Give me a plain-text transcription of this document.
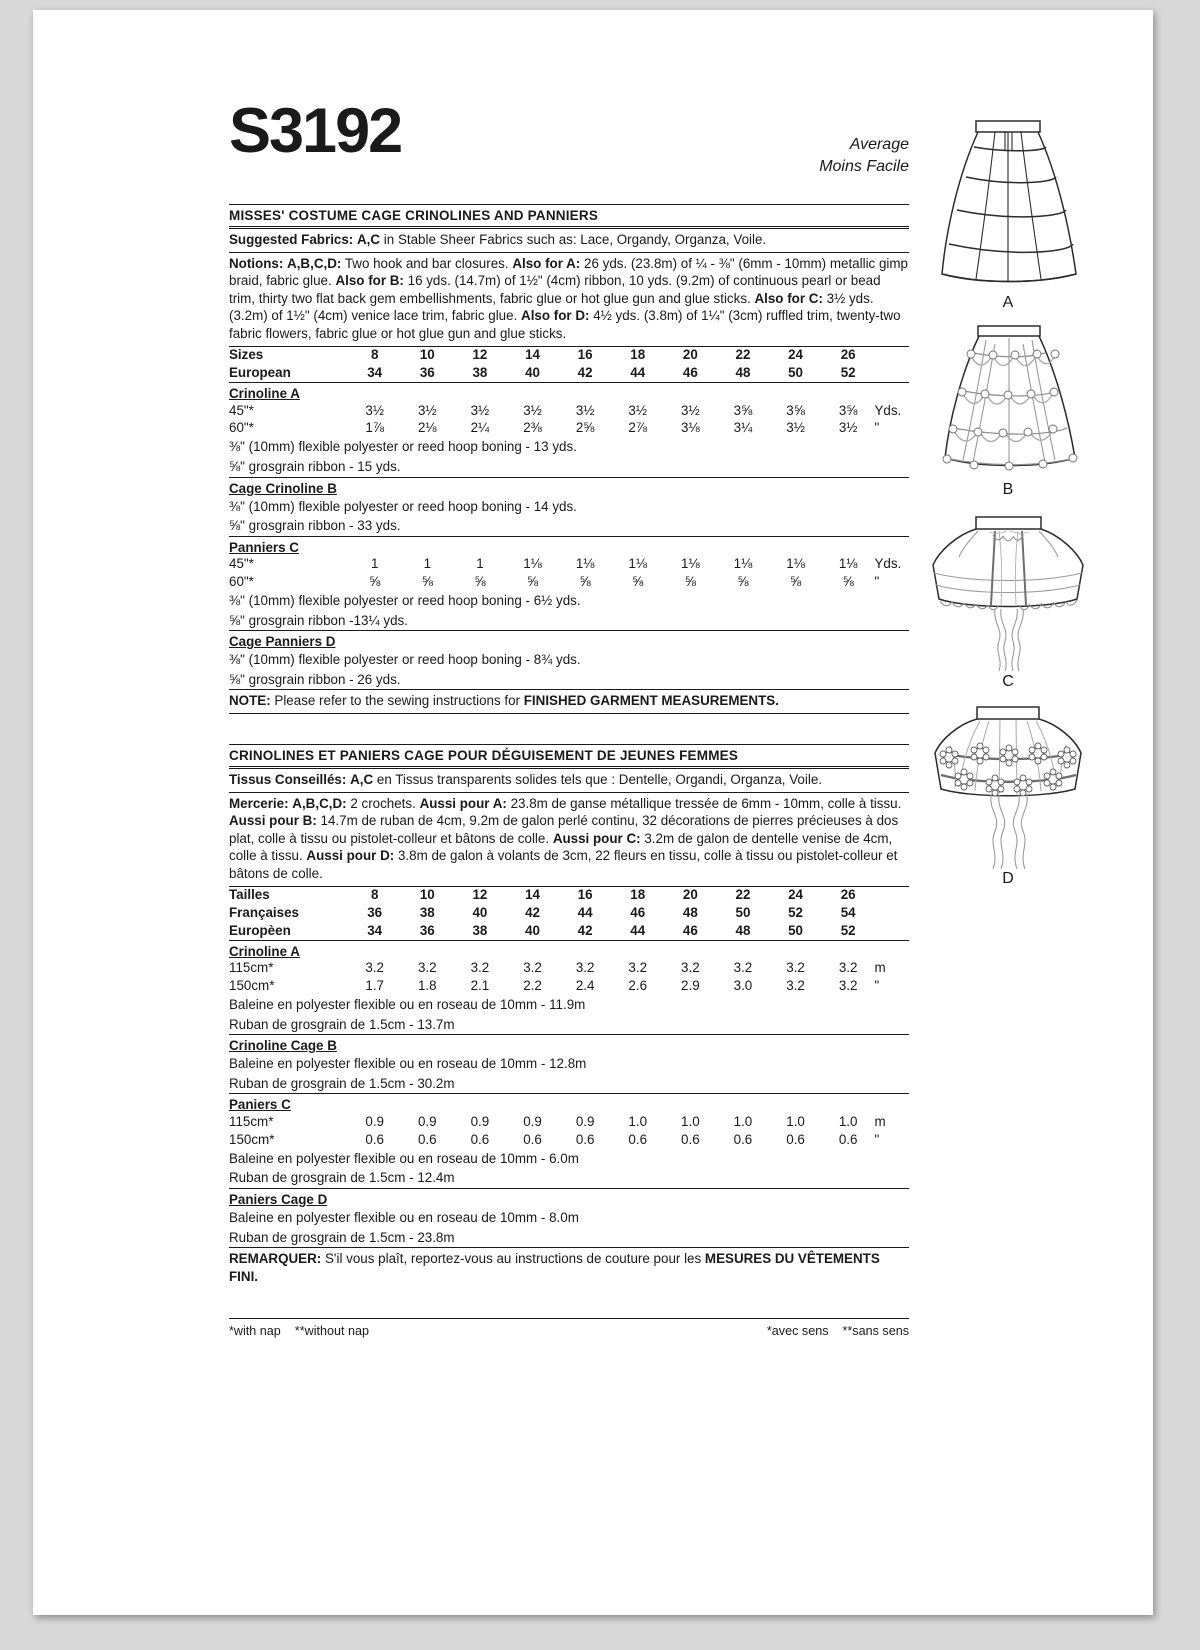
S3192	Average
Moins Facile
MISSES' COSTUME CAGE CRINOLINES AND PANNIERS
Suggested Fabrics: A,C in Stable Sheer Fabrics such as: Lace, Organdy, Organza, Voile.
Notions: A,B,C,D: Two hook and bar closures. Also for A: 26 yds. (23.8m) of ¼ - ⅜" (6mm - 10mm) metallic gimp braid, fabric glue. Also for B: 16 yds. (14.7m) of 1½" (4cm) ribbon, 10 yds. (9.2m) of continuous pearl or bead trim, thirty two flat back gem embellishments, fabric glue or hot glue gun and glue sticks. Also for C: 3½ yds. (3.2m) of 1½" (4cm) venice lace trim, fabric glue. Also for D: 4½ yds. (3.8m) of 1¼" (3cm) ruffled trim, twenty-two fabric flowers, fabric glue or hot glue gun and glue sticks.
Sizes	8	10	12	14	16	18	20	22	24	26	
European	34	36	38	40	42	44	46	48	50	52	
Crinoline A
45"*	3½	3½	3½	3½	3½	3½	3½	3⅝	3⅝	3⅝	Yds.
60"*	1⅞	2⅛	2¼	2⅜	2⅝	2⅞	3⅛	3¼	3½	3½	"
⅜" (10mm) flexible polyester or reed hoop boning - 13 yds.
⅝" grosgrain ribbon - 15 yds.
Cage Crinoline B
⅜" (10mm) flexible polyester or reed hoop boning - 14 yds.
⅝" grosgrain ribbon - 33 yds.
Panniers C
45"*	1	1	1	1⅛	1⅛	1⅛	1⅛	1⅛	1⅛	1⅛	Yds.
60"*	⅝	⅝	⅝	⅝	⅝	⅝	⅝	⅝	⅝	⅝	"
⅜" (10mm) flexible polyester or reed hoop boning - 6½ yds.
⅝" grosgrain ribbon -13¼ yds.
Cage Panniers D
⅜" (10mm) flexible polyester or reed hoop boning - 8¾ yds.
⅝" grosgrain ribbon - 26 yds.
NOTE: Please refer to the sewing instructions for FINISHED GARMENT MEASUREMENTS.
CRINOLINES ET PANIERS CAGE POUR DÉGUISEMENT DE JEUNES FEMMES
Tissus Conseillés: A,C en Tissus transparents solides tels que : Dentelle, Organdi, Organza, Voile.
Mercerie: A,B,C,D: 2 crochets. Aussi pour A: 23.8m de ganse métallique tressée de 6mm - 10mm, colle à tissu. Aussi pour B: 14.7m de ruban de 4cm, 9.2m de galon perlé continu, 32 décorations de pierres précieuses à dos plat, colle à tissu ou pistolet-colleur et bâtons de colle. Aussi pour C: 3.2m de galon de dentelle venise de 4cm, colle à tissu. Aussi pour D: 3.8m de galon à volants de 3cm, 22 fleurs en tissu, colle à tissu ou pistolet-colleur et bâtons de colle.
Tailles	8	10	12	14	16	18	20	22	24	26	
Françaises	36	38	40	42	44	46	48	50	52	54	
Europèen	34	36	38	40	42	44	46	48	50	52	
Crinoline A
115cm*	3.2	3.2	3.2	3.2	3.2	3.2	3.2	3.2	3.2	3.2	m
150cm*	1.7	1.8	2.1	2.2	2.4	2.6	2.9	3.0	3.2	3.2	"
Baleine en polyester flexible ou en roseau de 10mm - 11.9m
Ruban de grosgrain de 1.5cm - 13.7m
Crinoline Cage B
Baleine en polyester flexible ou en roseau de 10mm - 12.8m
Ruban de grosgrain de 1.5cm - 30.2m
Paniers C
115cm*	0.9	0.9	0.9	0.9	0.9	1.0	1.0	1.0	1.0	1.0	m
150cm*	0.6	0.6	0.6	0.6	0.6	0.6	0.6	0.6	0.6	0.6	"
Baleine en polyester flexible ou en roseau de 10mm - 6.0m
Ruban de grosgrain de 1.5cm - 12.4m
Paniers Cage D
Baleine en polyester flexible ou en roseau de 10mm - 8.0m
Ruban de grosgrain de 1.5cm - 23.8m
REMARQUER: S'il vous plaît, reportez-vous au instructions de couture pour les MESURES DU VÊTEMENTS FINI.
*with nap    **without nap	*avec sens    **sans sens
A
B
C
D
